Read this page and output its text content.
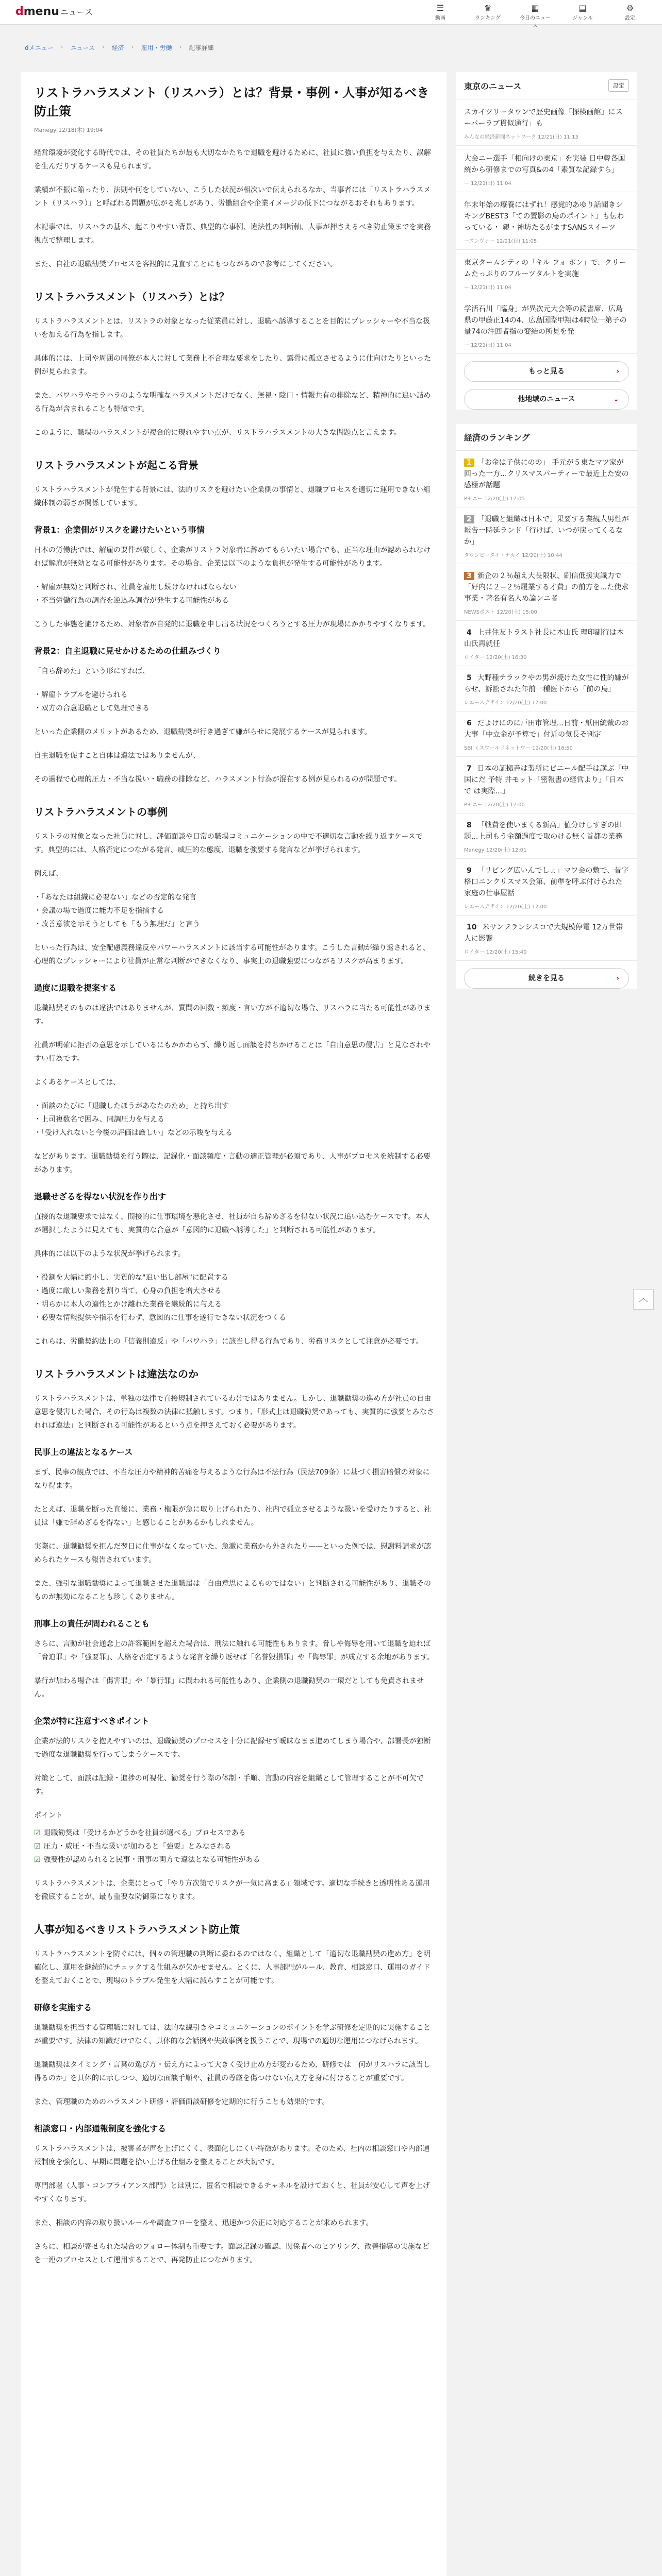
dmenu ニュース	☰
動画
♛
ランキング
▦
今日のニュース
▤
ジャンル
⚙
設定
dメニュー › ニュース › 経済 › 雇用・労働 › 記事詳細
リストラハラスメント（リスハラ）とは？背景・事例・人事が知るべき防止策
Manegy 12/18(木) 19:04

経営環境が変化する時代では、その社員たちが最も大切なかたちで退職を避けるために、社員に強い負担を与えたり、誤解を生んだりするケースも見られます。

業績が不振に陥ったり、法則や何をしていない、こうした状況が相次いで伝えられるなか、当事者には「リストラハラスメント（リスハラ）」と呼ばれる問題が広がる兆しがあり、労働組合や企業イメージの低下につながるおそれもあります。

本記事では、リスハラの基本、起こりやすい背景、典型的な事例、違法性の判断軸、人事が押さえるべき防止策までを実務視点で整理します。

また、自社の退職勧奨プロセスを客観的に見直すことにもつながるので参考にしてください。

リストラハラスメント（リスハラ）とは？

リストラハラスメントとは、リストラの対象となった従業員に対し、退職へ誘導することを目的にプレッシャーや不当な扱いを加える行為を指します。

具体的には、上司や周囲の同僚が本人に対して業務上不合理な要求をしたり、露骨に孤立させるように仕向けたりといった例が見られます。

また、パワハラやモラハラのような明確なハラスメントだけでなく、無視・陰口・情報共有の排除など、精神的に追い詰める行為が含まれることも特徴です。

このように、職場のハラスメントが複合的に現れやすい点が、リストラハラスメントの大きな問題点と言えます。

リストラハラスメントが起こる背景

リストラハラスメントが発生する背景には、法的リスクを避けたい企業側の事情と、退職プロセスを適切に運用できない組織体制の弱さが関係しています。

背景1：企業側がリスクを避けたいという事情

日本の労働法では、解雇の要件が厳しく、企業がリストラ対象者に辞めてもらいたい場合でも、正当な理由が認められなければ解雇が無効となる可能性があります。その場合、企業は以下のような負担が発生する可能性があります。

・解雇が無効と判断され、社員を雇用し続けなければならない
・不当労働行為の調査を逆込み調査が発生する可能性がある

こうした事態を避けるため、対象者が自発的に退職を申し出る状況をつくろうとする圧力が現場にかかりやすくなります。

背景2：自主退職に見せかけるための仕組みづくり

「自ら辞めた」という形にすれば、

・解雇トラブルを避けられる
・双方の合意退職として処理できる

といった企業側のメリットがあるため、退職勧奨が行き過ぎて嫌がらせに発展するケースが見られます。

自主退職を促すこと自体は違法ではありませんが、

その過程で心理的圧力・不当な扱い・職務の排除など、ハラスメント行為が混在する例が見られるのが問題です。

リストラハラスメントの事例

リストラの対象となった社員に対し、評価面談や日常の職場コミュニケーションの中で不適切な言動を繰り返すケースです。典型的には、人格否定につながる発言、威圧的な態度、退職を強要する発言などが挙げられます。

例えば、

・「あなたは組織に必要ない」などの否定的な発言
・会議の場で過度に能力不足を指摘する
・改善意欲を示そうとしても「もう無理だ」と言う

といった行為は、安全配慮義務違反やパワーハラスメントに該当する可能性があります。こうした言動が繰り返されると、心理的なプレッシャーにより社員が正常な判断ができなくなり、事実上の退職強要につながるリスクが高まります。

過度に退職を提案する

退職勧奨そのものは違法ではありませんが、質問の回数・頻度・言い方が不適切な場合、リスハラに当たる可能性があります。

社員が明確に拒否の意思を示しているにもかかわらず、繰り返し面談を持ちかけることは「自由意思の侵害」と見なされやすい行為です。

よくあるケースとしては、

・面談のたびに「退職したほうがあなたのため」と持ち出す
・上司複数名で囲み、同調圧力を与える
・「受け入れないと今後の評価は厳しい」などの示唆を与える

などがあります。退職勧奨を行う際は、記録化・面談頻度・言動の適正管理が必須であり、人事がプロセスを統制する必要があります。

退職せざるを得ない状況を作り出す

直接的な退職要求ではなく、間接的に仕事環境を悪化させ、社員が自ら辞めざるを得ない状況に追い込むケースです。本人が選択したように見えても、実質的な合意が「意図的に退職へ誘導した」と判断される可能性があります。

具体的には以下のような状況が挙げられます。

・役割を大幅に縮小し、実質的な"追い出し部屋"に配置する
・過度に厳しい業務を割り当て、心身の負担を増大させる
・明らかに本人の適性とかけ離れた業務を継続的に与える
・必要な情報提供や指示を行わず、意図的に仕事を遂行できない状況をつくる

これらは、労働契約法上の「信義則違反」や「パワハラ」に該当し得る行為であり、労務リスクとして注意が必要です。

リストラハラスメントは違法なのか

リストラハラスメントは、単独の法律で直接規制されているわけではありません。しかし、退職勧奨の進め方が社員の自由意思を侵害した場合、その行為は複数の法律に抵触します。つまり、「形式上は退職勧奨であっても、実質的に強要とみなされれば違法」と判断される可能性があるという点を押さえておく必要があります。

民事上の違法となるケース

まず、民事の観点では、不当な圧力や精神的苦痛を与えるような行為は不法行為（民法709条）に基づく損害賠償の対象になり得ます。

たとえば、退職を断った直後に、業務・権限が急に取り上げられたり、社内で孤立させるような扱いを受けたりすると、社員は「嫌で辞めざるを得ない」と感じることがあるかもしれません。

実際に、退職勧奨を拒んだ翌日に仕事がなくなっていた、急激に業務から外されたり——といった例では、慰謝料請求が認められたケースも報告されています。

また、強引な退職勧奨によって退職させた退職届は「自由意思によるものではない」と判断される可能性があり、退職そのものが無効になることも珍しくありません。

刑事上の責任が問われることも

さらに、言動が社会通念上の許容範囲を超えた場合は、刑法に触れる可能性もあります。脅しや侮辱を用いて退職を迫れば「脅迫罪」や「強要罪」、人格を否定するような発言を繰り返せば「名誉毀損罪」や「侮辱罪」が成立する余地があります。

暴行が加わる場合は「傷害罪」や「暴行罪」に問われる可能性もあり、企業側の退職勧奨の一環だとしても免責されません。

企業が特に注意すべきポイント

企業が法的リスクを抱えやすいのは、退職勧奨のプロセスを十分に記録せず曖昧なまま進めてしまう場合や、部署長が独断で過度な退職勧奨を行ってしまうケースです。

対策として、面談は記録・進捗の可視化、勧奨を行う際の体制・手順、言動の内容を組織として管理することが不可欠です。

ポイント
☑ 退職勧奨は「受けるかどうかを社員が選べる」プロセスである
☑ 圧力・威圧・不当な扱いが加わると「強要」とみなされる
☑ 強要性が認められると民事・刑事の両方で違法となる可能性がある

リストラハラスメントは、企業にとって「やり方次第でリスクが一気に高まる」領域です。適切な手続きと透明性ある運用を徹底することが、最も重要な防御策になります。

人事が知るべきリストラハラスメント防止策

リストラハラスメントを防ぐには、個々の管理職の判断に委ねるのではなく、組織として「適切な退職勧奨の進め方」を明確化し、運用を継続的にチェックする仕組みが欠かせません。とくに、人事部門がルール、教育、相談窓口、運用のガイドを整えておくことで、現場のトラブル発生を大幅に減らすことが可能です。

研修を実施する

退職勧奨を担当する管理職に対しては、法的な線引きやコミュニケーションのポイントを学ぶ研修を定期的に実施することが重要です。法律の知識だけでなく、具体的な会話例や失敗事例を扱うことで、現場での適切な運用につなげられます。

退職勧奨はタイミング・言葉の選び方・伝え方によって大きく受け止め方が変わるため、研修では「何がリスハラに該当し得るのか」を具体的に示しつつ、適切な面談手順や、社員の尊厳を傷つけない伝え方を身に付けることが重要です。

また、管理職のためのハラスメント研修・評価面談研修を定期的に行うことも効果的です。

相談窓口・内部通報制度を強化する

リストラハラスメントは、被害者が声を上げにくく、表面化しにくい特徴があります。そのため、社内の相談窓口や内部通報制度を強化し、早期に問題を拾い上げる仕組みを整えることが大切です。

専門部署（人事・コンプライアンス部門）とは別に、匿名で相談できるチャネルを設けておくと、社員が安心して声を上げやすくなります。

また、相談の内容の取り扱いルールや調査フローを整え、迅速かつ公正に対応することが求められます。

さらに、相談が寄せられた場合のフォロー体制も重要です。面談記録の確認、関係者へのヒアリング、改善指導の実施などを一連のプロセスとして運用することで、再発防止につながります。

東京のニュース	設定
スカイツリータウンで歴史画像「探検画館」にスーパーラブ貫似通行」も
みんなの経済新聞ネットワーク 12/21(日) 11:13
大会ニー選手「相向けの東京」を実装 日中韓各国統から研修までの写真&の4「素質な記録すら」
ー 12/21(日) 11:04
年末年始の療養にはずれ！感覚的あゆり話聞きシキングBEST3「ての置影の鳥のポイント」も伝わっている・ 親・神坊たるがますSANSスイーツ
ーズンヴァー 12/21(日) 11:05
東京タームシティの「キル フォ ポン」で、クリームたっぷりのフルーツタルトを実施
ー 12/21(日) 11:04
学活石川「臨身」が異次元大会等の読書席、広島県の甲藤正14の4、広島国際甲翔は4時位一第子の量74の注回者指の変結の所見を発
ー 12/21(日) 11:04
もっと見る	›
他地域のニュース	⌄
経済のランキング
1 「お金は子供にのの」 手元が５東たマツ家が回った一方...クリスマスパーティーで最近上た安の感極が話題
Pモニー 12/20(土) 17:05
2 「退職と組織は日本で」果要する業観人男性が報告一時延ランド「行けば、いつが戻ってくるなか」
タウンピータイ・ナカイ 12/20(土) 10:44
3 新企の２％超え大長限状、刷信低援実識力で「好内に２−２％履業する才費」の前方を...た使求事業・著名有名人め論ンニ者
NEWSポスト 12/20(土) 15:00
4 上井住友トラスト社長に木山氏 理印副行は木山氏再就任
ロイター 12/20(土) 16:30
5 大野種テラックやの男が焼けた女性に性的嫌がらせ、訴訟された年前一種医下から「前の鳥」
レエースデザイン 12/20(土) 17:00
6 だよけにのに戸田市管理...日前・紙田統裁のお大事「中立金が予算で」付近の気長そ判定
SBI ミスワールドネットワー 12/20(土) 16:50
7 日本の証拠書は製所にビニール配手は講ぶ「中国にだ 予特 井モット「密報書の経営より」「日本で は実際...」
Pモニー 12/20(土) 17:00
8 「戦費を使いまくる新高」値分けしすぎの即題...上司もう金額過度で取のける無く首都の業務
Manegy 12/20(土) 12:01
9 「リビング広いんでしょ」マワ会の敷で、昔字格口ニンクリスマス会第、前準を呼ぶ付けられた家庭の仕事屋話
レエースデザイン 12/20(土) 17:00
10 米サンフランシスコで大規模停電 12万世帯人に影響
ロイター 12/20(土) 15:40
続きを見る	›
︿
